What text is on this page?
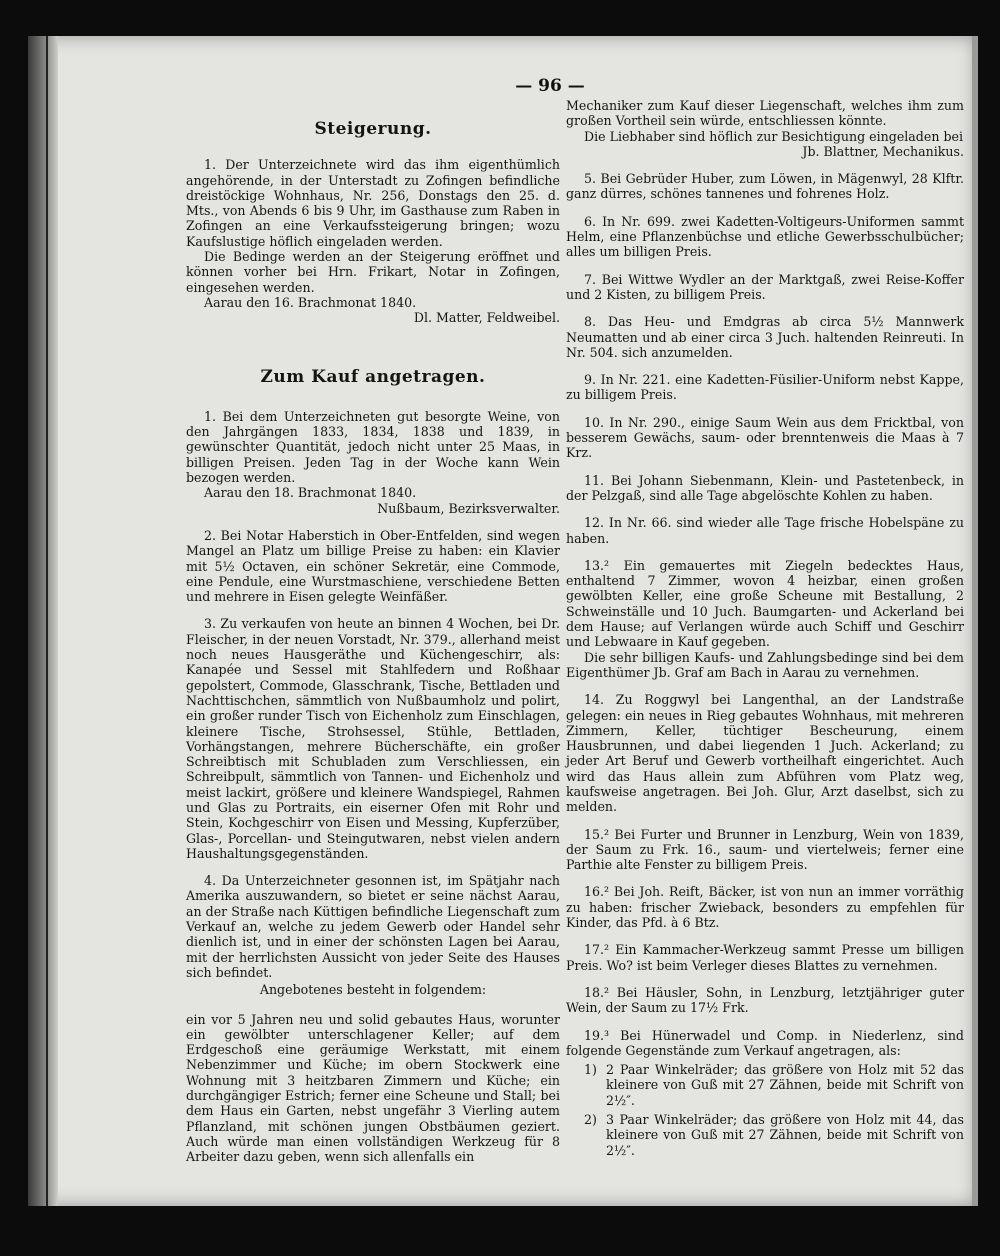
— 96 —
Steigerung.

1. Der Unterzeichnete wird das ihm eigenthümlich angehörende, in der Unterstadt zu Zofingen befindliche dreistöckige Wohnhaus, Nr. 256, Donstags den 25. d. Mts., von Abends 6 bis 9 Uhr, im Gasthause zum Raben in Zofingen an eine Verkaufssteigerung bringen; wozu Kaufslustige höflich eingeladen werden.

Die Bedinge werden an der Steigerung eröffnet und können vorher bei Hrn. Frikart, Notar in Zofingen, eingesehen werden.

Aarau den 16. Brachmonat 1840.

Dl. Matter, Feldweibel.

Zum Kauf angetragen.

1. Bei dem Unterzeichneten gut besorgte Weine, von den Jahrgängen 1833, 1834, 1838 und 1839, in gewünschter Quantität, jedoch nicht unter 25 Maas, in billigen Preisen. Jeden Tag in der Woche kann Wein bezogen werden.

Aarau den 18. Brachmonat 1840.

Nußbaum, Bezirksverwalter.

2. Bei Notar Haberstich in Ober-Entfelden, sind wegen Mangel an Platz um billige Preise zu haben: ein Klavier mit 5½ Octaven, ein schöner Sekretär, eine Commode, eine Pendule, eine Wurstmaschiene, verschiedene Betten und mehrere in Eisen gelegte Weinfäßer.

3. Zu verkaufen von heute an binnen 4 Wochen, bei Dr. Fleischer, in der neuen Vorstadt, Nr. 379., allerhand meist noch neues Hausgeräthe und Küchengeschirr, als: Kanapée und Sessel mit Stahlfedern und Roßhaar gepolstert, Commode, Glasschrank, Tische, Bettladen und Nachttischchen, sämmtlich von Nußbaumholz und polirt, ein großer runder Tisch von Eichenholz zum Einschlagen, kleinere Tische, Strohsessel, Stühle, Bettladen, Vorhängstangen, mehrere Bücherschäfte, ein großer Schreibtisch mit Schubladen zum Verschliessen, ein Schreibpult, sämmtlich von Tannen- und Eichenholz und meist lackirt, größere und kleinere Wandspiegel, Rahmen und Glas zu Portraits, ein eiserner Ofen mit Rohr und Stein, Kochgeschirr von Eisen und Messing, Kupferzüber, Glas-, Porcellan- und Steingutwaren, nebst vielen andern Haushaltungsgegenständen.

4. Da Unterzeichneter gesonnen ist, im Spätjahr nach Amerika auszuwandern, so bietet er seine nächst Aarau, an der Straße nach Küttigen befindliche Liegenschaft zum Verkauf an, welche zu jedem Gewerb oder Handel sehr dienlich ist, und in einer der schönsten Lagen bei Aarau, mit der herrlichsten Aussicht von jeder Seite des Hauses sich befindet.

Angebotenes besteht in folgendem:

ein vor 5 Jahren neu und solid gebautes Haus, worunter ein gewölbter unterschlagener Keller; auf dem Erdgeschoß eine geräumige Werkstatt, mit einem Nebenzimmer und Küche; im obern Stockwerk eine Wohnung mit 3 heitzbaren Zimmern und Küche; ein durchgängiger Estrich; ferner eine Scheune und Stall; bei dem Haus ein Garten, nebst ungefähr 3 Vierling autem Pflanzland, mit schönen jungen Obstbäumen geziert. Auch würde man einen vollständigen Werkzeug für 8 Arbeiter dazu geben, wenn sich allenfalls ein

Mechaniker zum Kauf dieser Liegenschaft, welches ihm zum großen Vortheil sein würde, entschliessen könnte.

Die Liebhaber sind höflich zur Besichtigung eingeladen bei

Jb. Blattner, Mechanikus.

5. Bei Gebrüder Huber, zum Löwen, in Mägenwyl, 28 Klftr. ganz dürres, schönes tannenes und fohrenes Holz.

6. In Nr. 699. zwei Kadetten-Voltigeurs-Uniformen sammt Helm, eine Pflanzenbüchse und etliche Gewerbsschulbücher; alles um billigen Preis.

7. Bei Wittwe Wydler an der Marktgaß, zwei Reise-Koffer und 2 Kisten, zu billigem Preis.

8. Das Heu- und Emdgras ab circa 5½ Mannwerk Neumatten und ab einer circa 3 Juch. haltenden Reinreuti. In Nr. 504. sich anzumelden.

9. In Nr. 221. eine Kadetten-Füsilier-Uniform nebst Kappe, zu billigem Preis.

10. In Nr. 290., einige Saum Wein aus dem Fricktbal, von besserem Gewächs, saum- oder brenntenweis die Maas à 7 Krz.

11. Bei Johann Siebenmann, Klein- und Pastetenbeck, in der Pelzgaß, sind alle Tage abgelöschte Kohlen zu haben.

12. In Nr. 66. sind wieder alle Tage frische Hobelspäne zu haben.

13.² Ein gemauertes mit Ziegeln bedecktes Haus, enthaltend 7 Zimmer, wovon 4 heizbar, einen großen gewölbten Keller, eine große Scheune mit Bestallung, 2 Schweinställe und 10 Juch. Baumgarten- und Ackerland bei dem Hause; auf Verlangen würde auch Schiff und Geschirr und Lebwaare in Kauf gegeben.

Die sehr billigen Kaufs- und Zahlungsbedinge sind bei dem Eigenthümer Jb. Graf am Bach in Aarau zu vernehmen.

14. Zu Roggwyl bei Langenthal, an der Landstraße gelegen: ein neues in Rieg gebautes Wohnhaus, mit mehreren Zimmern, Keller, tüchtiger Bescheurung, einem Hausbrunnen, und dabei liegenden 1 Juch. Ackerland; zu jeder Art Beruf und Gewerb vortheilhaft eingerichtet. Auch wird das Haus allein zum Abführen vom Platz weg, kaufsweise angetragen. Bei Joh. Glur, Arzt daselbst, sich zu melden.

15.² Bei Furter und Brunner in Lenzburg, Wein von 1839, der Saum zu Frk. 16., saum- und viertelweis; ferner eine Parthie alte Fenster zu billigem Preis.

16.² Bei Joh. Reift, Bäcker, ist von nun an immer vorräthig zu haben: frischer Zwieback, besonders zu empfehlen für Kinder, das Pfd. à 6 Btz.

17.² Ein Kammacher-Werkzeug sammt Presse um billigen Preis. Wo? ist beim Verleger dieses Blattes zu vernehmen.

18.² Bei Häusler, Sohn, in Lenzburg, letztjähriger guter Wein, der Saum zu 17½ Frk.

19.³ Bei Hünerwadel und Comp. in Niederlenz, sind folgende Gegenstände zum Verkauf angetragen, als:

1) 2 Paar Winkelräder; das größere von Holz mit 52 das kleinere von Guß mit 27 Zähnen, beide mit Schrift von 2½″.
2) 3 Paar Winkelräder; das größere von Holz mit 44, das kleinere von Guß mit 27 Zähnen, beide mit Schrift von 2½″.
